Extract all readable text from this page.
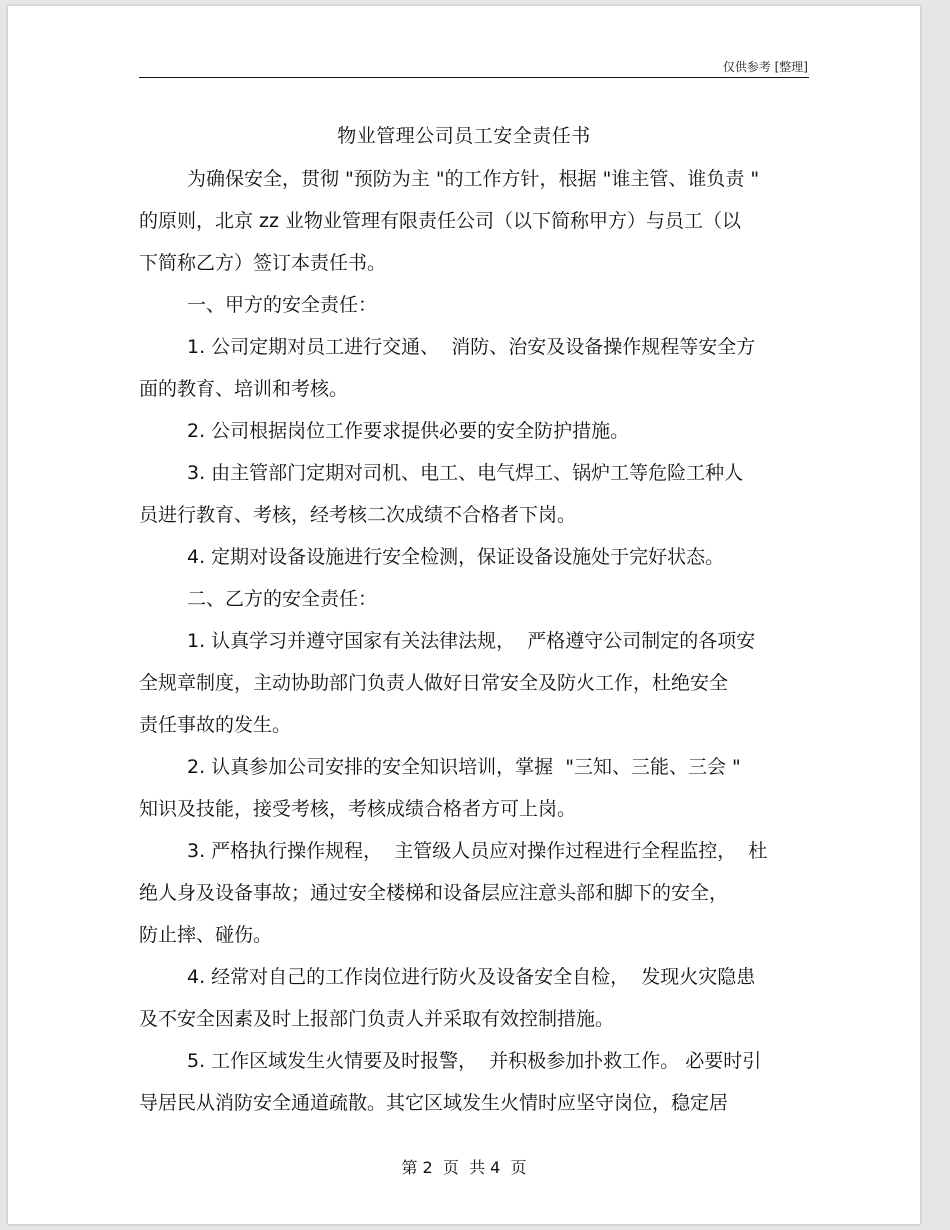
仅供参考 [整理]
物业管理公司员工安全责任书
为确保安全，贯彻 "预防为主 "的工作方针，根据 "谁主管、谁负责 "
的原则，北京 zz 业物业管理有限责任公司（以下简称甲方）与员工（以
下简称乙方）签订本责任书。
一、甲方的安全责任：
1. 公司定期对员工进行交通、  消防、治安及设备操作规程等安全方
面的教育、培训和考核。
2. 公司根据岗位工作要求提供必要的安全防护措施。
3. 由主管部门定期对司机、电工、电气焊工、锅炉工等危险工种人
员进行教育、考核，经考核二次成绩不合格者下岗。
4. 定期对设备设施进行安全检测，保证设备设施处于完好状态。
二、乙方的安全责任：
1. 认真学习并遵守国家有关法律法规，  严格遵守公司制定的各项安
全规章制度，主动协助部门负责人做好日常安全及防火工作，杜绝安全
责任事故的发生。
2. 认真参加公司安排的安全知识培训，掌握  "三知、三能、三会 "
知识及技能，接受考核，考核成绩合格者方可上岗。
3. 严格执行操作规程，  主管级人员应对操作过程进行全程监控，  杜
绝人身及设备事故；通过安全楼梯和设备层应注意头部和脚下的安全，
防止摔、碰伤。
4. 经常对自己的工作岗位进行防火及设备安全自检，  发现火灾隐患
及不安全因素及时上报部门负责人并采取有效控制措施。
5. 工作区域发生火情要及时报警，  并积极参加扑救工作。 必要时引
导居民从消防安全通道疏散。其它区域发生火情时应坚守岗位，稳定居
第 2  页  共 4  页
